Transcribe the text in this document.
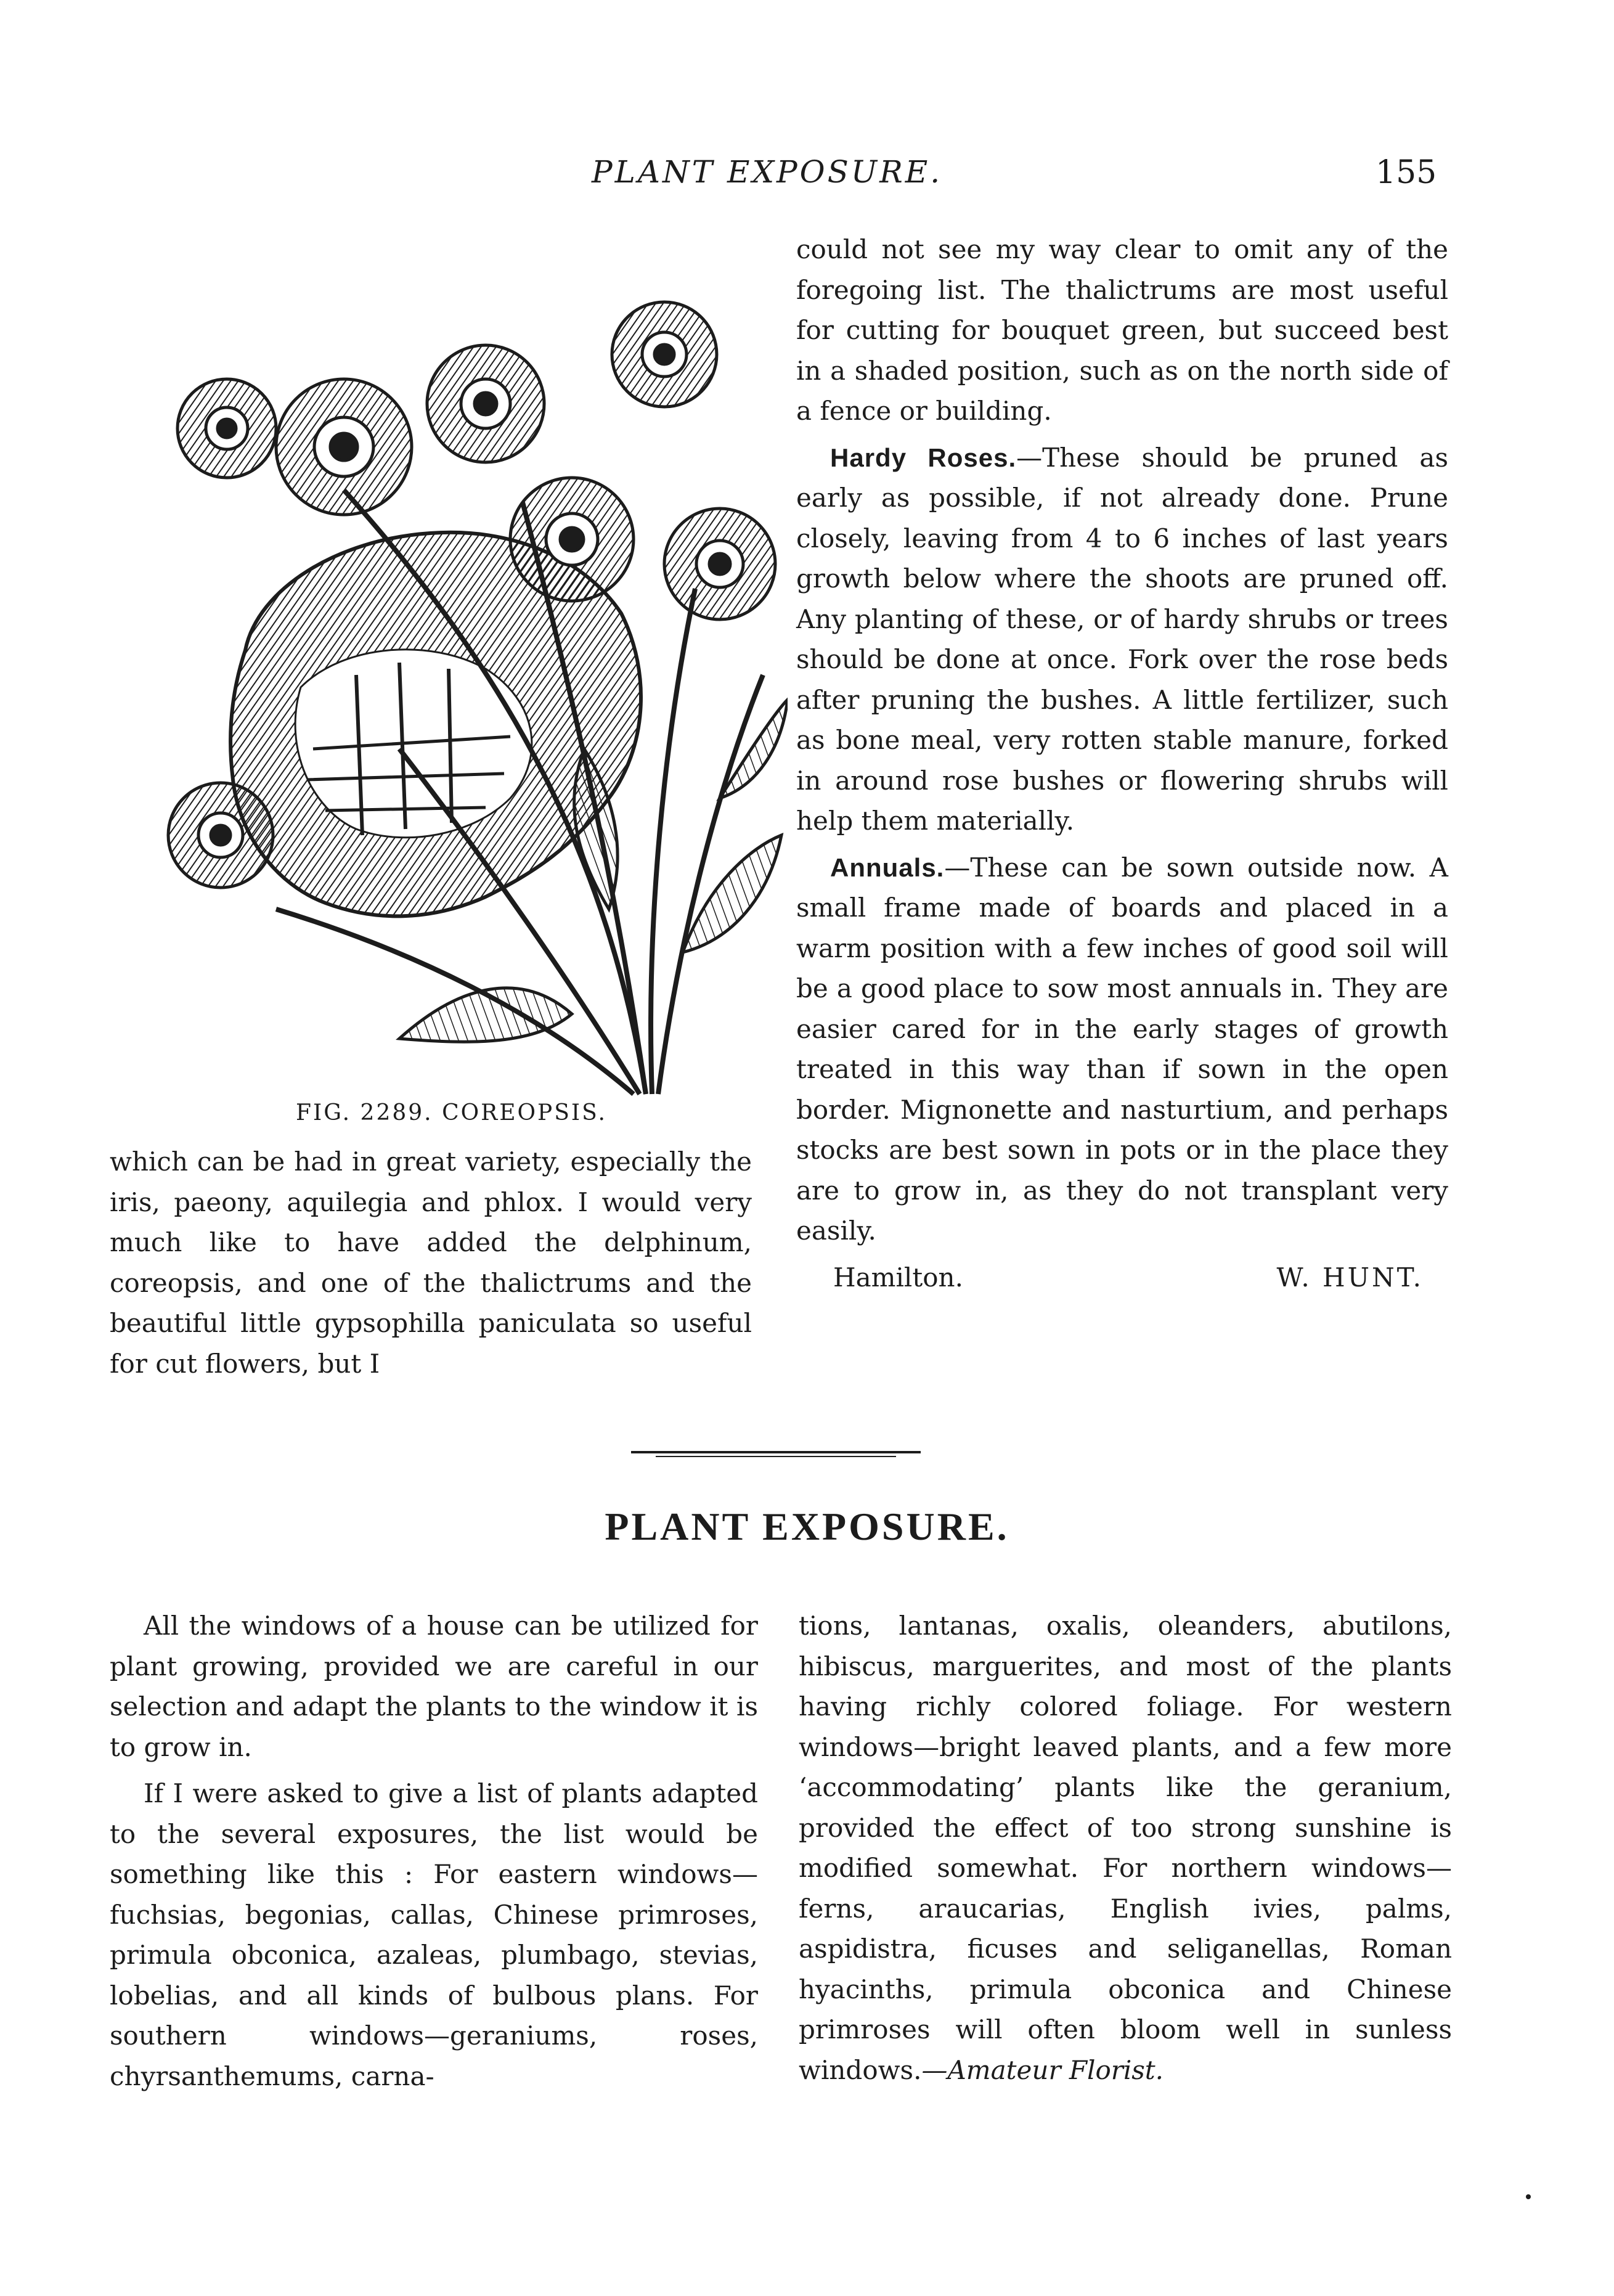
PLANT EXPOSURE.	155
FIG. 2289. COREOPSIS.

which can be had in great variety, especially the iris, paeony, aquilegia and phlox. I would very much like to have added the delphinum, coreopsis, and one of the thalictrums and the beautiful little gypsophilla paniculata so useful for cut flowers, but I

could not see my way clear to omit any of the foregoing list. The thalictrums are most useful for cutting for bouquet green, but succeed best in a shaded position, such as on the north side of a fence or building.

Hardy Roses.—These should be pruned as early as possible, if not already done. Prune closely, leaving from 4 to 6 inches of last years growth below where the shoots are pruned off. Any planting of these, or of hardy shrubs or trees should be done at once. Fork over the rose beds after pruning the bushes. A little fertilizer, such as bone meal, very rotten stable manure, forked in around rose bushes or flowering shrubs will help them materially.

Annuals.—These can be sown outside now. A small frame made of boards and placed in a warm position with a few inches of good soil will be a good place to sow most annuals in. They are easier cared for in the early stages of growth treated in this way than if sown in the open border. Mignonette and nasturtium, and perhaps stocks are best sown in pots or in the place they are to grow in, as they do not transplant very easily.

Hamilton.	W. HUNT.
PLANT EXPOSURE.

All the windows of a house can be utilized for plant growing, provided we are careful in our selection and adapt the plants to the window it is to grow in.

If I were asked to give a list of plants adapted to the several exposures, the list would be something like this : For eastern windows—fuchsias, begonias, callas, Chinese primroses, primula obconica, azaleas, plumbago, stevias, lobelias, and all kinds of bulbous plans. For southern windows—geraniums, roses, chyrsanthemums, carna-

tions, lantanas, oxalis, oleanders, abutilons, hibiscus, marguerites, and most of the plants having richly colored foliage. For western windows—bright leaved plants, and a few more ‘accommodating’ plants like the geranium, provided the effect of too strong sunshine is modified somewhat. For northern windows—ferns, araucarias, English ivies, palms, aspidistra, ficuses and seliganellas, Roman hyacinths, primula obconica and Chinese primroses will often bloom well in sunless windows.—Amateur Florist.
